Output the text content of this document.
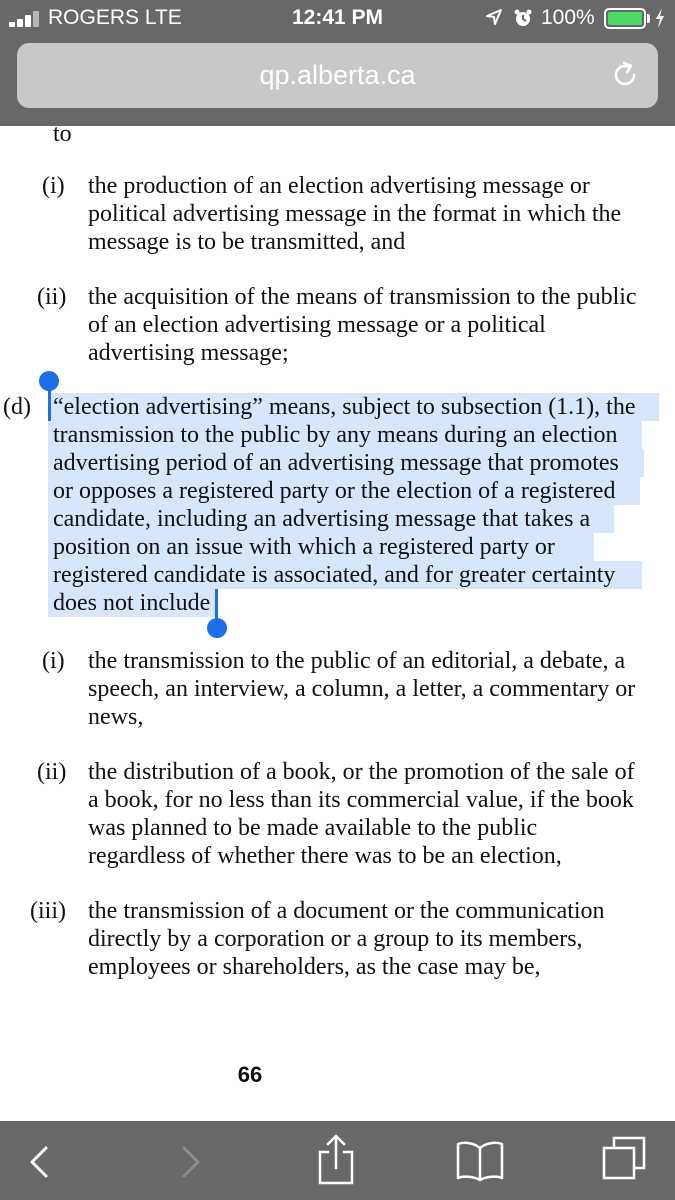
ROGERS LTE	12:41 PM	100%
qp.alberta.ca
to
(i) the production of an election advertising message or
political advertising message in the format in which the
message is to be transmitted, and
(ii) the acquisition of the means of transmission to the public
of an election advertising message or a political
advertising message;
(d) “election advertising” means, subject to subsection (1.1), the
transmission to the public by any means during an election
advertising period of an advertising message that promotes
or opposes a registered party or the election of a registered
candidate, including an advertising message that takes a
position on an issue with which a registered party or
registered candidate is associated, and for greater certainty
does not include
(i) the transmission to the public of an editorial, a debate, a
speech, an interview, a column, a letter, a commentary or
news,
(ii) the distribution of a book, or the promotion of the sale of
a book, for no less than its commercial value, if the book
was planned to be made available to the public
regardless of whether there was to be an election,
(iii) the transmission of a document or the communication
directly by a corporation or a group to its members,
employees or shareholders, as the case may be,
66
